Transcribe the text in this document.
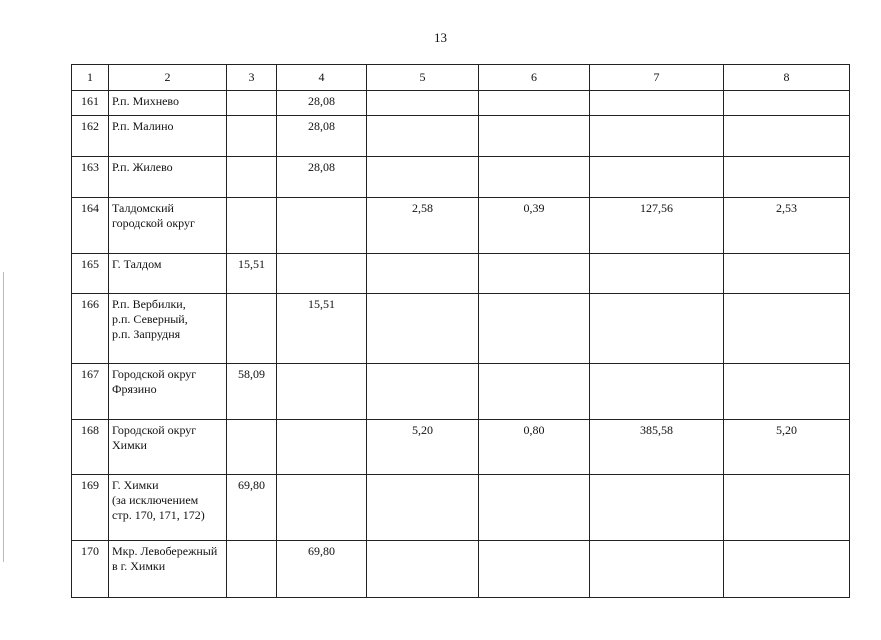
13
1	2	3	4	5	6	7	8
161	Р.п. Михнево		28,08				
162	Р.п. Малино		28,08				
163	Р.п. Жилево		28,08				
164	Талдомский
городской округ			2,58	0,39	127,56	2,53
165	Г. Талдом	15,51					
166	Р.п. Вербилки,
р.п. Северный,
р.п. Запрудня		15,51				
167	Городской округ
Фрязино	58,09					
168	Городской округ
Химки			5,20	0,80	385,58	5,20
169	Г. Химки
(за исключением
стр. 170, 171, 172)	69,80					
170	Мкр. Левобережный
в г. Химки		69,80				
